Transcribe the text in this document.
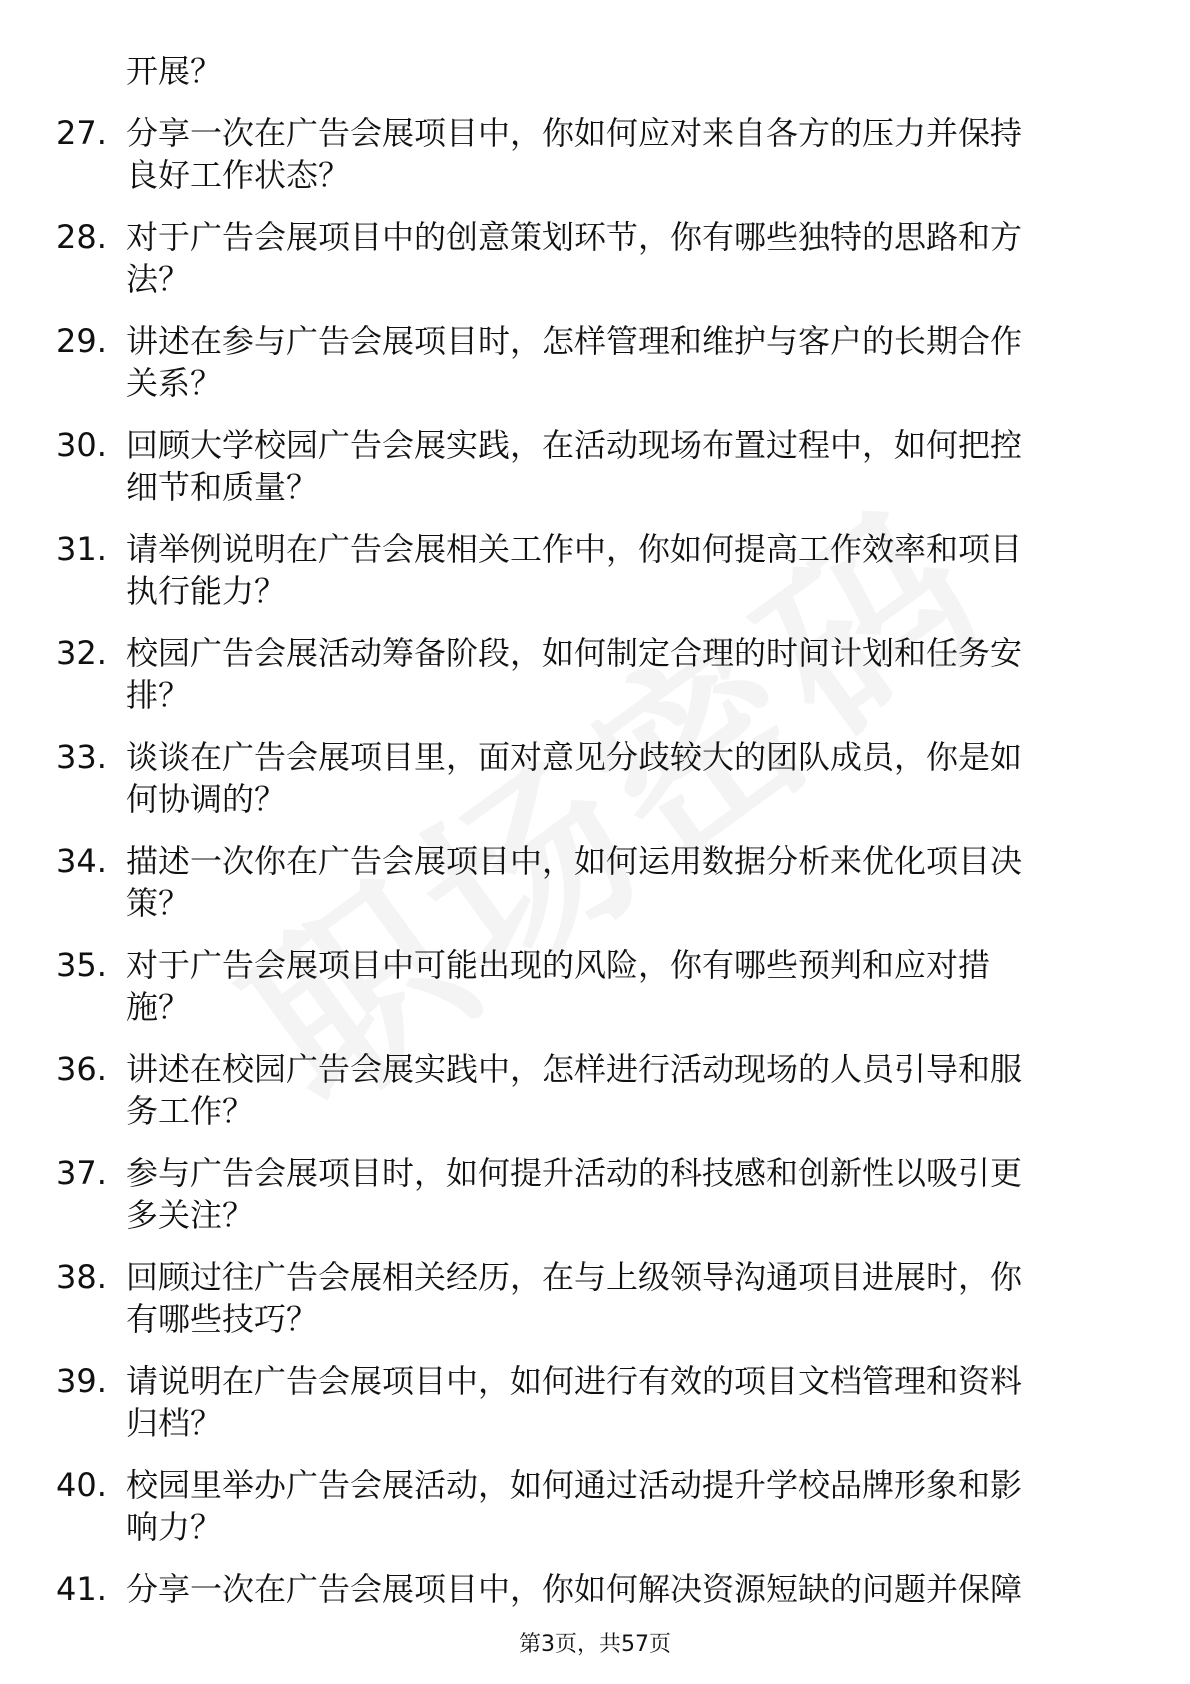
开展？
27. 分享一次在广告会展项目中，你如何应对来自各方的压力并保持
良好工作状态？
28. 对于广告会展项目中的创意策划环节，你有哪些独特的思路和方
法？
29. 讲述在参与广告会展项目时，怎样管理和维护与客户的长期合作
关系？
30. 回顾大学校园广告会展实践，在活动现场布置过程中，如何把控
细节和质量？
31. 请举例说明在广告会展相关工作中，你如何提高工作效率和项目
执行能力？
32. 校园广告会展活动筹备阶段，如何制定合理的时间计划和任务安
排？
33. 谈谈在广告会展项目里，面对意见分歧较大的团队成员，你是如
何协调的？
34. 描述一次你在广告会展项目中，如何运用数据分析来优化项目决
策？
35. 对于广告会展项目中可能出现的风险，你有哪些预判和应对措
施？
36. 讲述在校园广告会展实践中，怎样进行活动现场的人员引导和服
务工作？
37. 参与广告会展项目时，如何提升活动的科技感和创新性以吸引更
多关注？
38. 回顾过往广告会展相关经历，在与上级领导沟通项目进展时，你
有哪些技巧？
39. 请说明在广告会展项目中，如何进行有效的项目文档管理和资料
归档？
40. 校园里举办广告会展活动，如何通过活动提升学校品牌形象和影
响力？
41. 分享一次在广告会展项目中，你如何解决资源短缺的问题并保障
第3页，共57页
